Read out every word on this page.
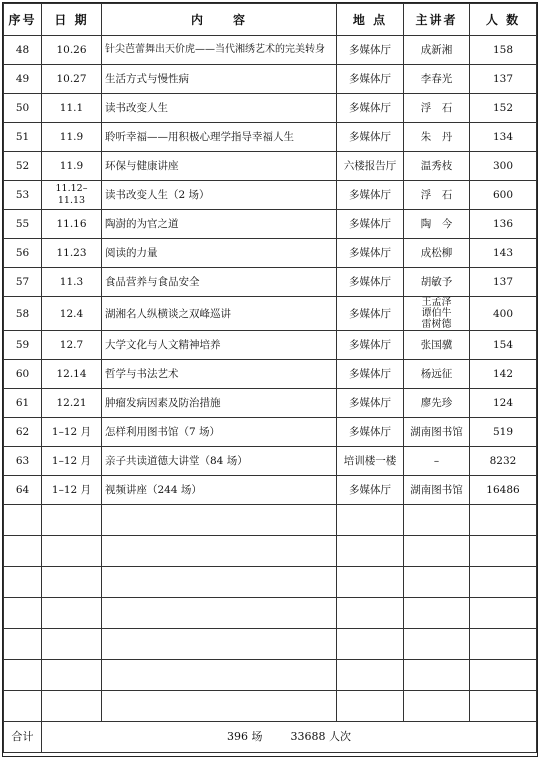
序号	日 期	内　　容	地 点	主讲者	人 数
48	10.26	针尖芭蕾舞出天价虎——当代湘绣艺术的完美转身	多媒体厅	成新湘	158
49	10.27	生活方式与慢性病	多媒体厅	李春光	137
50	11.1	读书改变人生	多媒体厅	浮　石	152
51	11.9	聆听幸福——用积极心理学指导幸福人生	多媒体厅	朱　丹	134
52	11.9	环保与健康讲座	六楼报告厅	温秀枝	300
53	11.12–11.13	读书改变人生（2 场）	多媒体厅	浮　石	600
55	11.16	陶澍的为官之道	多媒体厅	陶　今	136
56	11.23	阅读的力量	多媒体厅	成松柳	143
57	11.3	食品营养与食品安全	多媒体厅	胡敏予	137
58	12.4	湖湘名人纵横谈之双峰巡讲	多媒体厅	王孟泽
谭伯牛
雷树德	400
59	12.7	大学文化与人文精神培养	多媒体厅	张国骥	154
60	12.14	哲学与书法艺术	多媒体厅	杨远征	142
61	12.21	肿瘤发病因素及防治措施	多媒体厅	廖先珍	124
62	1–12 月	怎样利用图书馆（7 场）	多媒体厅	湖南图书馆	519
63	1–12 月	亲子共读道德大讲堂（84 场）	培训楼一楼	–	8232
64	1–12 月	视频讲座（244 场）	多媒体厅	湖南图书馆	16486

合计	396 场 33688 人次				
